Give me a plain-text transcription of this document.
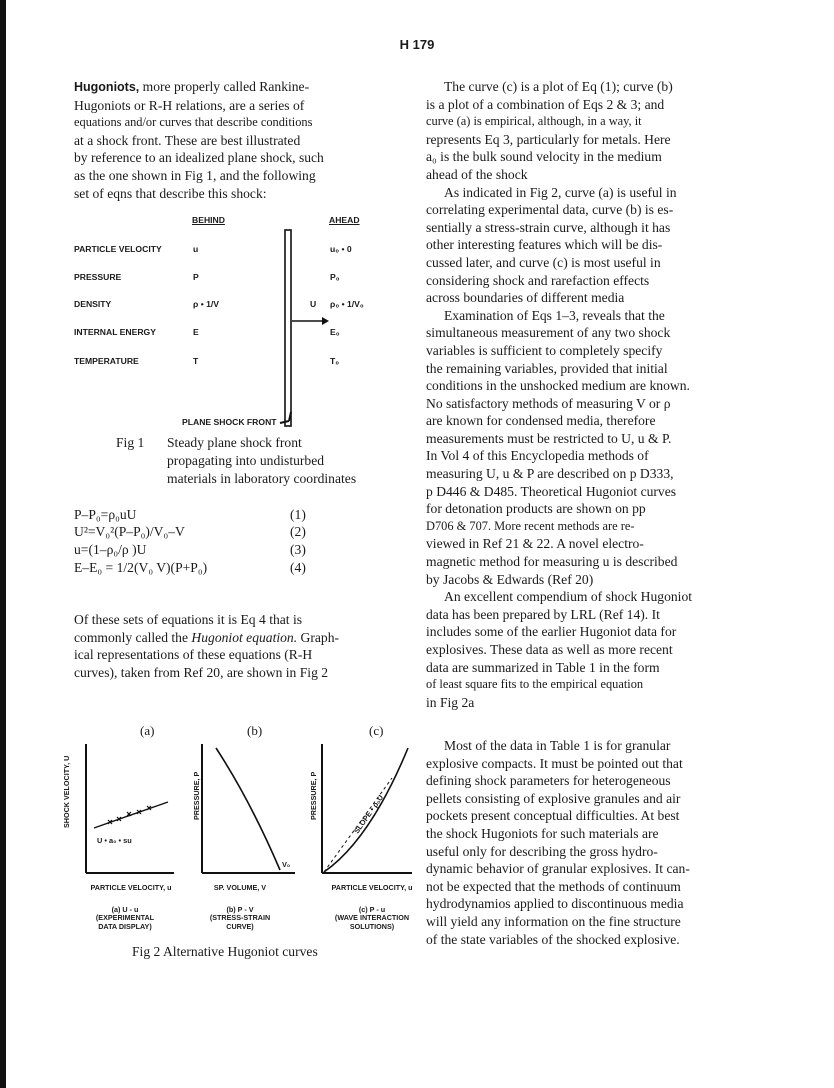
H 179

Hugoniots, more properly called Rankine-

Hugoniots or R-H relations, are a series of

equations and/or curves that describe conditions

at a shock front. These are best illustrated

by reference to an idealized plane shock, such

as the one shown in Fig 1, and the following

set of eqns that describe this shock:

BEHIND	AHEAD
PARTICLE VELOCITY	u	u₀ • 0
PRESSURE	P	P₀
DENSITY	ρ • 1/V	ρ₀ • 1/V₀
INTERNAL ENERGY	E	E₀
TEMPERATURE	T	T₀
U
PLANE SHOCK FRONT
Fig 1 Steady plane shock front
propagating into undisturbed
materials in laboratory coordinates
P–P₀=ρ₀uU	(1)
U²=V₀²(P–P₀)/V₀–V	(2)
u=(1–ρ₀/ρ )U	(3)
E–E₀ = 1/2(V₀ V)(P+P₀)	(4)

Of these sets of equations it is Eq 4 that is

commonly called the Hugoniot equation. Graph-

ical representations of these equations (R-H

curves), taken from Ref 20, are shown in Fig 2

(a)	(b)	(c)
SHOCK VELOCITY, U	PRESSURE, P	PRESSURE, P
U • a₀ • su
V₀
SLOPE • ρ₀U
PARTICLE VELOCITY, u	SP. VOLUME, V	PARTICLE VELOCITY, u
(a) U - u
(EXPERIMENTAL
DATA DISPLAY)
(b) P - V
(STRESS-STRAIN
CURVE)
(c) P - u
(WAVE INTERACTION
SOLUTIONS)
Fig 2 Alternative Hugoniot curves

The curve (c) is a plot of Eq (1); curve (b)

is a plot of a combination of Eqs 2 & 3; and

curve (a) is empirical, although, in a way, it

represents Eq 3, particularly for metals. Here

a₀ is the bulk sound velocity in the medium

ahead of the shock

As indicated in Fig 2, curve (a) is useful in

correlating experimental data, curve (b) is es-

sentially a stress-strain curve, although it has

other interesting features which will be dis-

cussed later, and curve (c) is most useful in

considering shock and rarefaction effects

across boundaries of different media

Examination of Eqs 1–3, reveals that the

simultaneous measurement of any two shock

variables is sufficient to completely specify

the remaining variables, provided that initial

conditions in the unshocked medium are known.

No satisfactory methods of measuring V or ρ

are known for condensed media, therefore

measurements must be restricted to U, u & P.

In Vol 4 of this Encyclopedia methods of

measuring U, u & P are described on p D333,

p D446 & D485. Theoretical Hugoniot curves

for detonation products are shown on pp

D706 & 707. More recent methods are re-

viewed in Ref 21 & 22. A novel electro-

magnetic method for measuring u is described

by Jacobs & Edwards (Ref 20)

An excellent compendium of shock Hugoniot

data has been prepared by LRL (Ref 14). It

includes some of the earlier Hugoniot data for

explosives. These data as well as more recent

data are summarized in Table 1 in the form

of least square fits to the empirical equation

in Fig 2a

Most of the data in Table 1 is for granular

explosive compacts. It must be pointed out that

defining shock parameters for heterogeneous

pellets consisting of explosive granules and air

pockets present conceptual difficulties. At best

the shock Hugoniots for such materials are

useful only for describing the gross hydro-

dynamic behavior of granular explosives. It can-

not be expected that the methods of continuum

hydrodynamios applied to discontinuous media

will yield any information on the fine structure

of the state variables of the shocked explosive.
